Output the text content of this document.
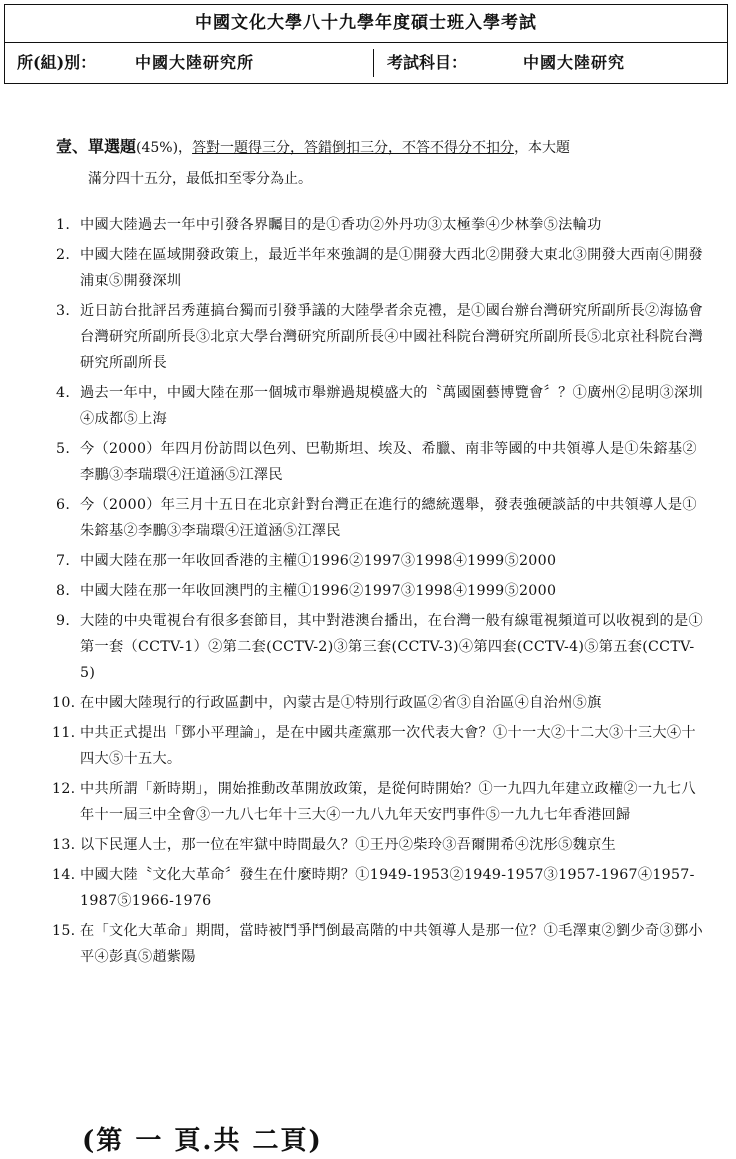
中國文化大學八十九學年度碩士班入學考試
所(組)別： 中國大陸研究所	考試科目：	中國大陸研究
壹、單選題(45%)，答對一題得三分，答錯倒扣三分，不答不得分不扣分，本大題
滿分四十五分，最低扣至零分為止。
1. 中國大陸過去一年中引發各界矚目的是①香功②外丹功③太極拳④少林拳⑤法輪功
2. 中國大陸在區域開發政策上，最近半年來強調的是①開發大西北②開發大東北③開發大西南④開發浦東⑤開發深圳
3. 近日訪台批評呂秀蓮搞台獨而引發爭議的大陸學者余克禮，是①國台辦台灣研究所副所長②海協會台灣研究所副所長③北京大學台灣研究所副所長④中國社科院台灣研究所副所長⑤北京社科院台灣研究所副所長
4. 過去一年中，中國大陸在那一個城市舉辦過規模盛大的〝萬國園藝博覽會〞？①廣州②昆明③深圳④成都⑤上海
5. 今（2000）年四月份訪問以色列、巴勒斯坦、埃及、希臘、南非等國的中共領導人是①朱鎔基②李鵬③李瑞環④汪道涵⑤江澤民
6. 今（2000）年三月十五日在北京針對台灣正在進行的總統選舉，發表強硬談話的中共領導人是①朱鎔基②李鵬③李瑞環④汪道涵⑤江澤民
7. 中國大陸在那一年收回香港的主權①1996②1997③1998④1999⑤2000
8. 中國大陸在那一年收回澳門的主權①1996②1997③1998④1999⑤2000
9. 大陸的中央電視台有很多套節目，其中對港澳台播出，在台灣一般有線電視頻道可以收視到的是①第一套（CCTV-1）②第二套(CCTV-2)③第三套(CCTV-3)④第四套(CCTV-4)⑤第五套(CCTV-5)
10. 在中國大陸現行的行政區劃中，內蒙古是①特別行政區②省③自治區④自治州⑤旗
11. 中共正式提出「鄧小平理論」，是在中國共產黨那一次代表大會？①十一大②十二大③十三大④十四大⑤十五大。
12. 中共所謂「新時期」，開始推動改革開放政策，是從何時開始？①一九四九年建立政權②一九七八年十一屆三中全會③一九八七年十三大④一九八九年天安門事件⑤一九九七年香港回歸
13. 以下民運人士，那一位在牢獄中時間最久？①王丹②柴玲③吾爾開希④沈彤⑤魏京生
14. 中國大陸〝文化大革命〞發生在什麼時期？①1949-1953②1949-1957③1957-1967④1957-1987⑤1966-1976
15. 在「文化大革命」期間，當時被鬥爭鬥倒最高階的中共領導人是那一位？①毛澤東②劉少奇③鄧小平④彭真⑤趙紫陽
(第 一 頁.共 二頁)
